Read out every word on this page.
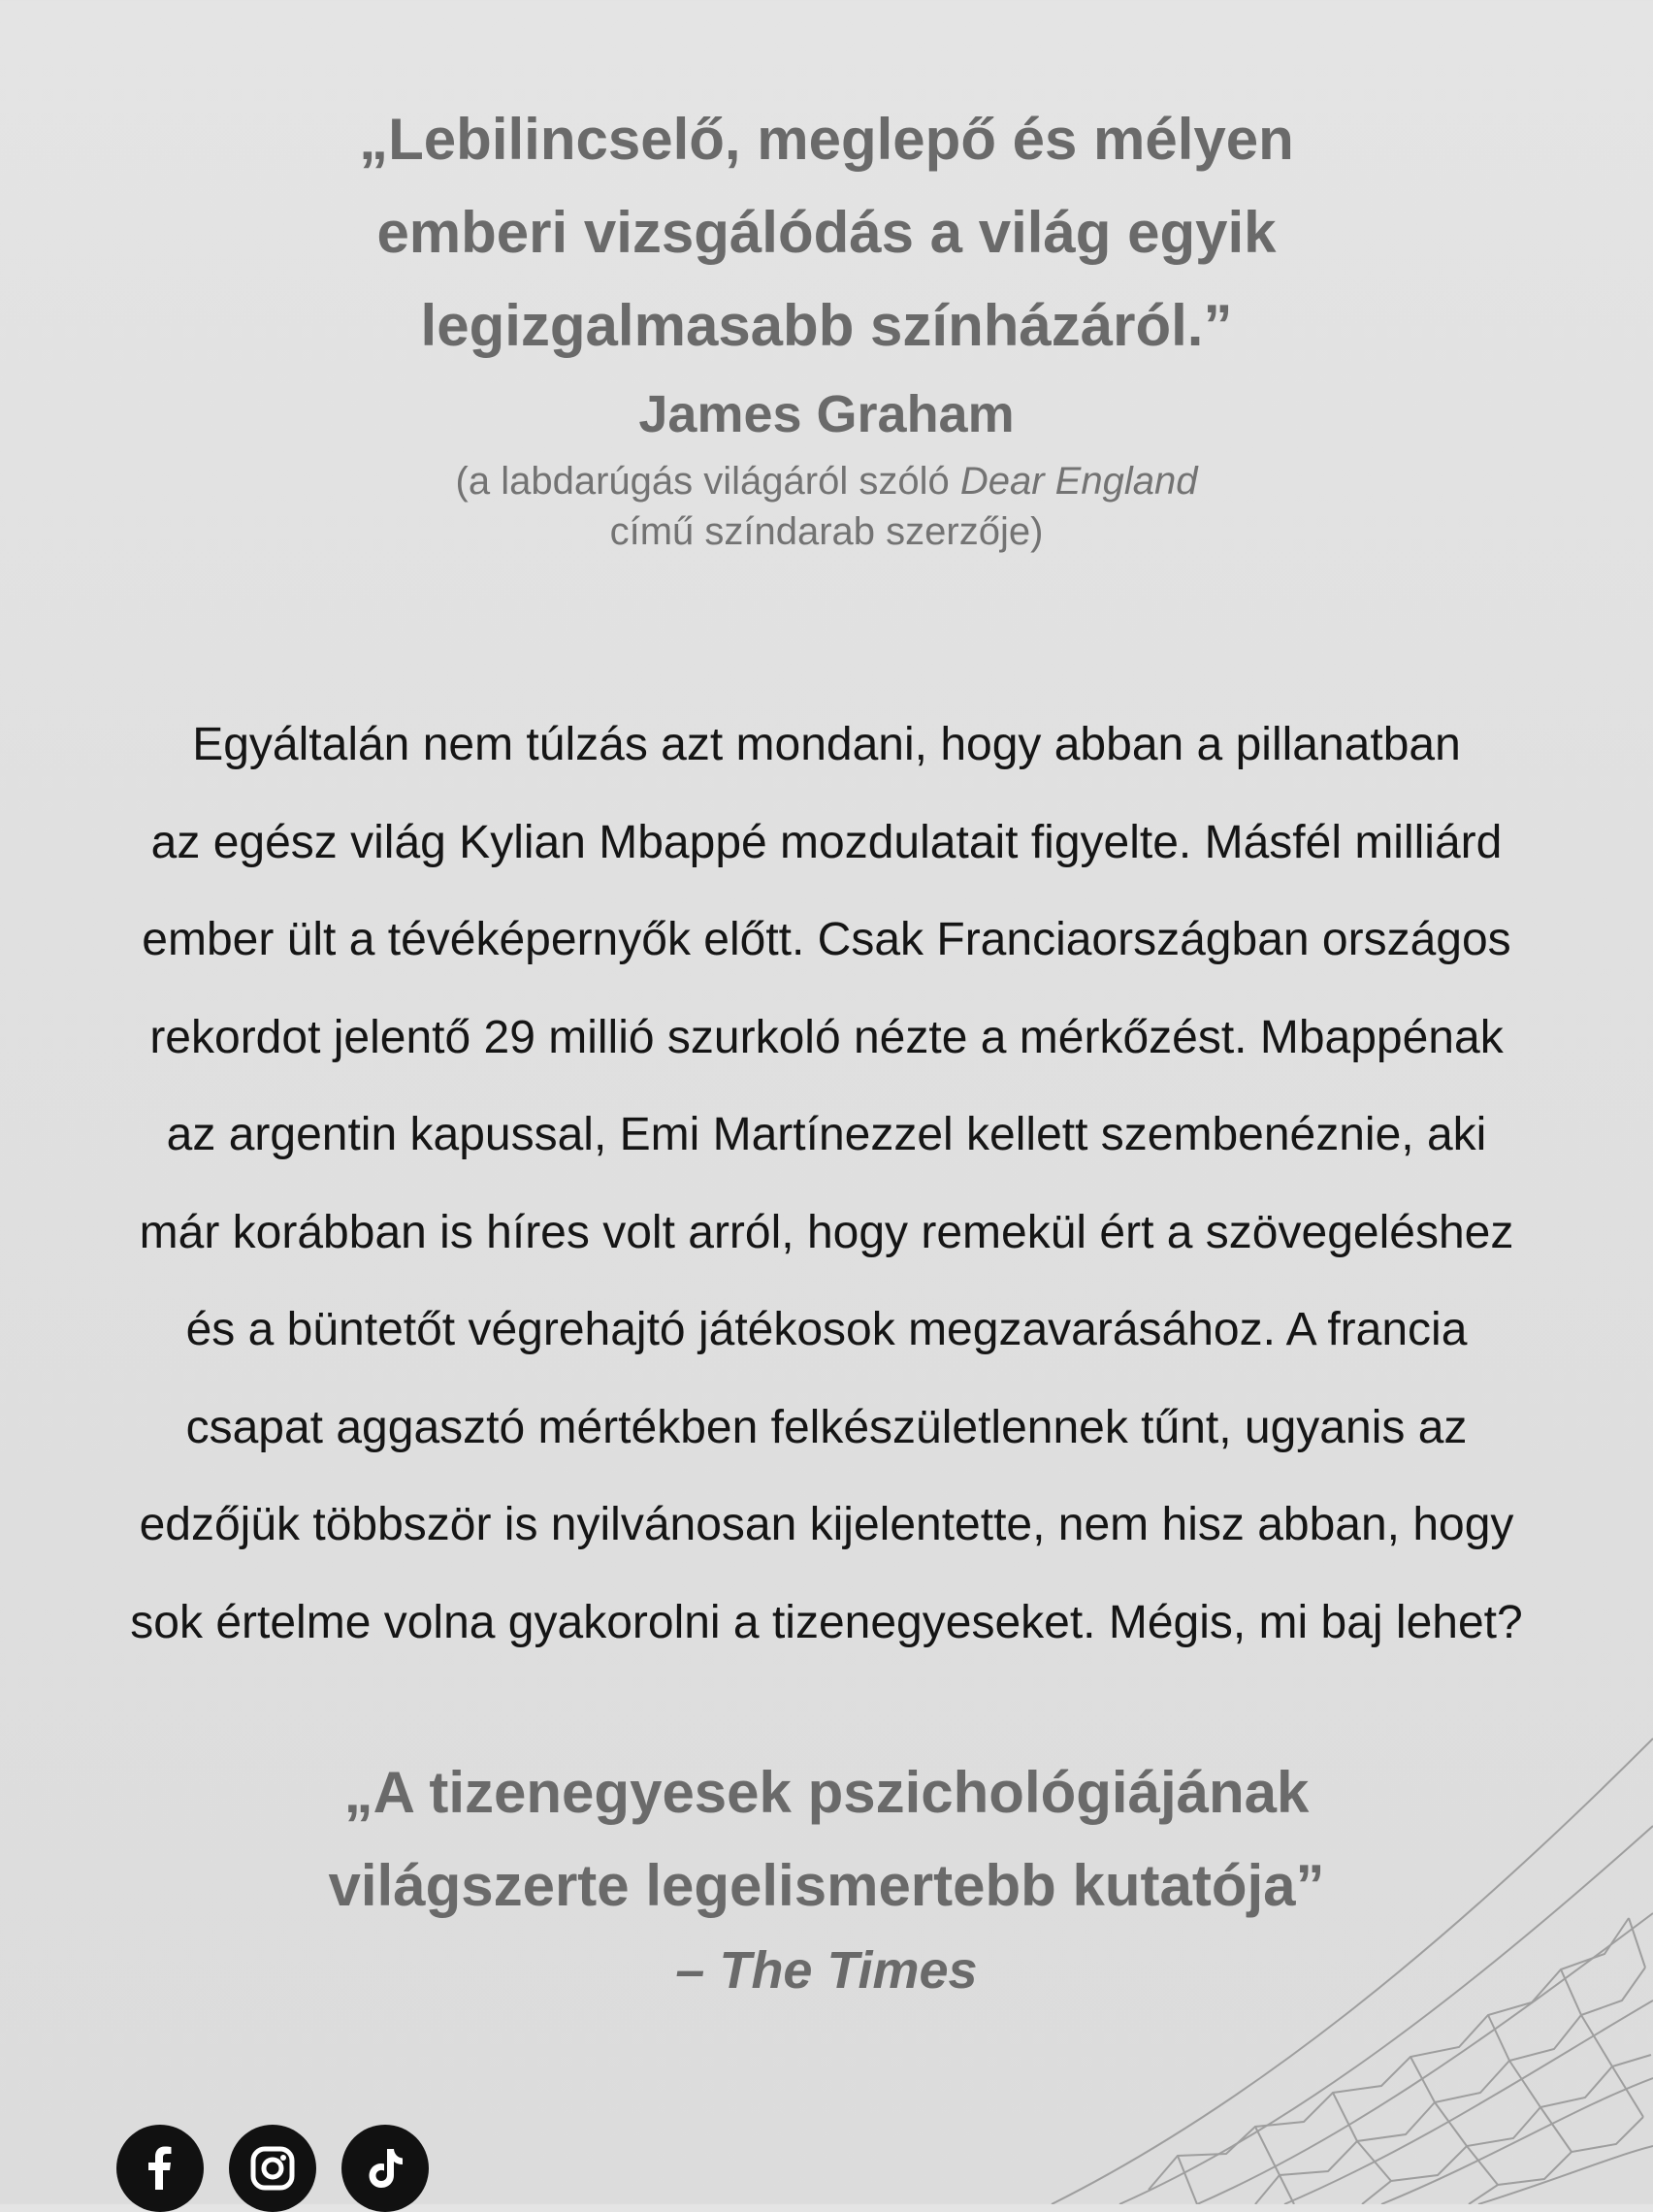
„Lebilincselő, meglepő és mélyen
emberi vizsgálódás a világ egyik
legizgalmasabb színházáról.”

James Graham

(a labdarúgás világáról szóló Dear England
című színdarab szerzője)

Egyáltalán nem túlzás azt mondani, hogy abban a pillanatban
az egész világ Kylian Mbappé mozdulatait figyelte. Másfél milliárd
ember ült a tévéképernyők előtt. Csak Franciaországban országos
rekordot jelentő 29 millió szurkoló nézte a mérkőzést. Mbappénak
az argentin kapussal, Emi Martínezzel kellett szembenéznie, aki
már korábban is híres volt arról, hogy remekül ért a szövegeléshez
és a büntetőt végrehajtó játékosok megzavarásához. A francia
csapat aggasztó mértékben felkészületlennek tűnt, ugyanis az
edzőjük többször is nyilvánosan kijelentette, nem hisz abban, hogy
sok értelme volna gyakorolni a tizenegyeseket. Mégis, mi baj lehet?

„A tizenegyesek pszichológiájának
világszerte legelismertebb kutatója”

– The Times
